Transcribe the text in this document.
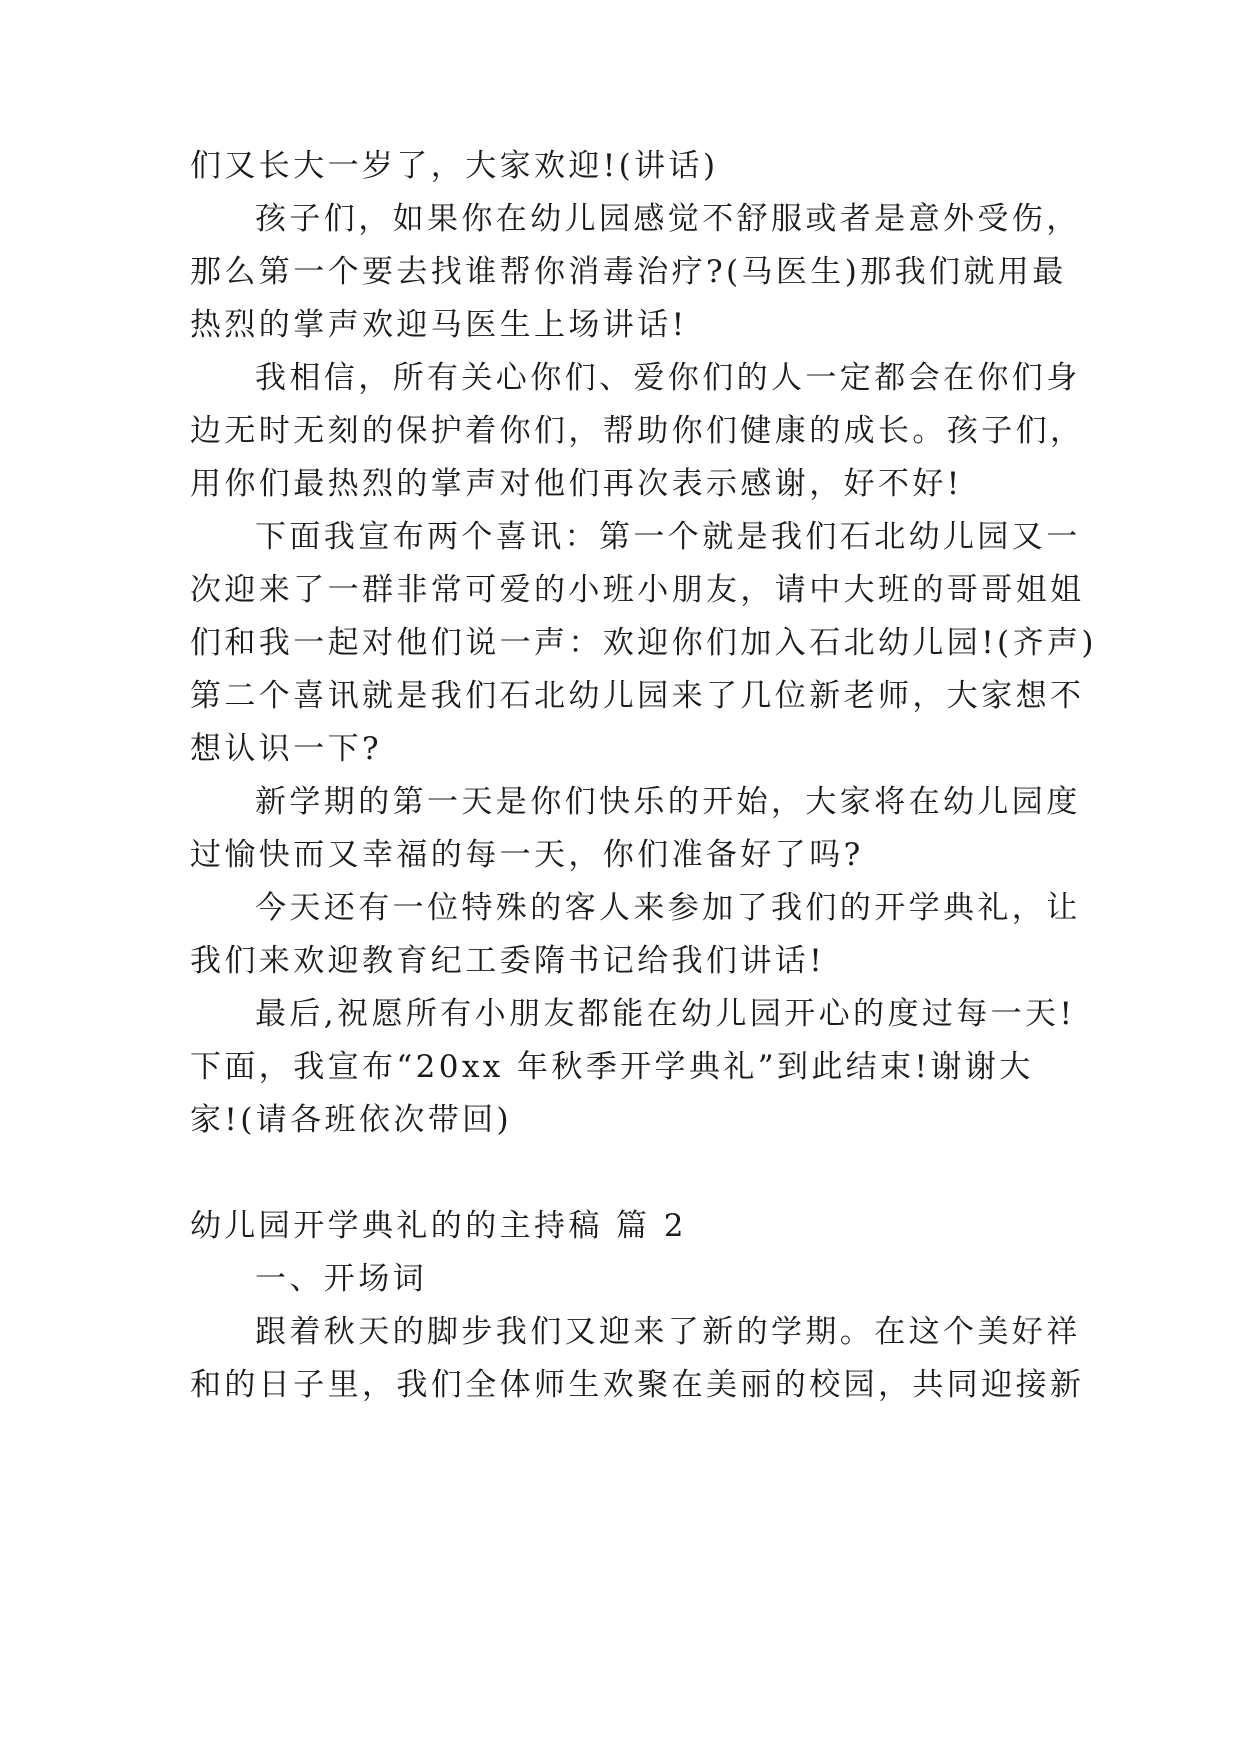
们又长大一岁了，大家欢迎!(讲话)
孩子们，如果你在幼儿园感觉不舒服或者是意外受伤，
那么第一个要去找谁帮你消毒治疗?(马医生)那我们就用最
热烈的掌声欢迎马医生上场讲话!
我相信，所有关心你们、爱你们的人一定都会在你们身
边无时无刻的保护着你们，帮助你们健康的成长。孩子们，
用你们最热烈的掌声对他们再次表示感谢，好不好!
下面我宣布两个喜讯：第一个就是我们石北幼儿园又一
次迎来了一群非常可爱的小班小朋友，请中大班的哥哥姐姐
们和我一起对他们说一声：欢迎你们加入石北幼儿园!(齐声)
第二个喜讯就是我们石北幼儿园来了几位新老师，大家想不
想认识一下?
新学期的第一天是你们快乐的开始，大家将在幼儿园度
过愉快而又幸福的每一天，你们准备好了吗?
今天还有一位特殊的客人来参加了我们的开学典礼，让
我们来欢迎教育纪工委隋书记给我们讲话!
最后,祝愿所有小朋友都能在幼儿园开心的度过每一天!
下面，我宣布“20xx 年秋季开学典礼”到此结束!谢谢大
家!(请各班依次带回)
幼儿园开学典礼的的主持稿 篇 2
一、开场词
跟着秋天的脚步我们又迎来了新的学期。在这个美好祥
和的日子里，我们全体师生欢聚在美丽的校园，共同迎接新
